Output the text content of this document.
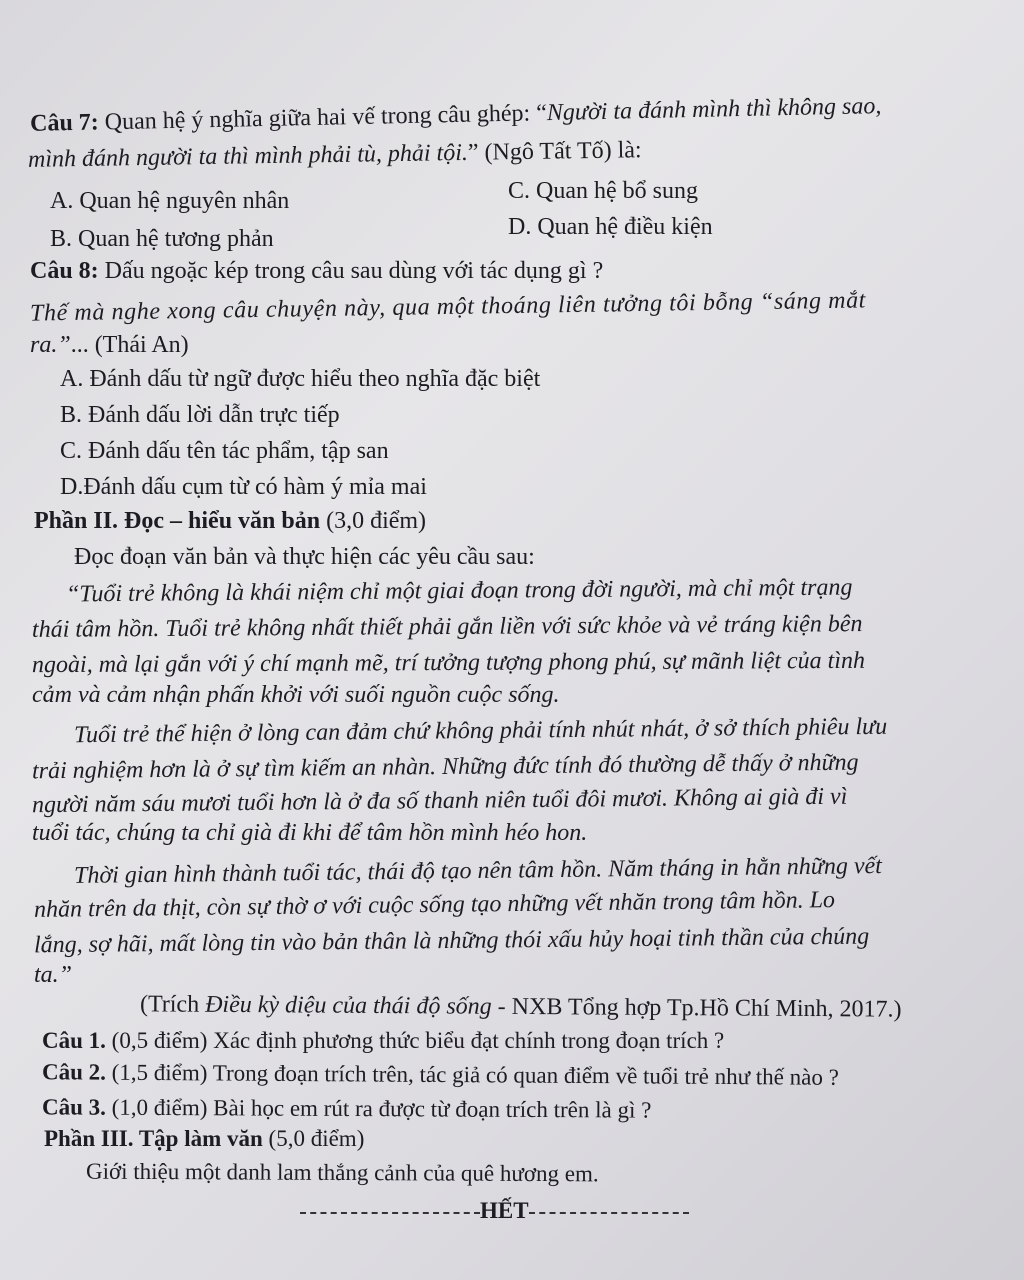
Câu 7: Quan hệ ý nghĩa giữa hai vế trong câu ghép: “Người ta đánh mình thì không sao,
mình đánh người ta thì mình phải tù, phải tội.” (Ngô Tất Tố) là:
A. Quan hệ nguyên nhân	C. Quan hệ bổ sung
B. Quan hệ tương phản	D. Quan hệ điều kiện
Câu 8: Dấu ngoặc kép trong câu sau dùng với tác dụng gì ?
Thế mà nghe xong câu chuyện này, qua một thoáng liên tưởng tôi bỗng “sáng mắt
ra.”... (Thái An)
A. Đánh dấu từ ngữ được hiểu theo nghĩa đặc biệt
B. Đánh dấu lời dẫn trực tiếp
C. Đánh dấu tên tác phẩm, tập san
D.Đánh dấu cụm từ có hàm ý mỉa mai
Phần II. Đọc – hiểu văn bản (3,0 điểm)
Đọc đoạn văn bản và thực hiện các yêu cầu sau:
“Tuổi trẻ không là khái niệm chỉ một giai đoạn trong đời người, mà chỉ một trạng
thái tâm hồn. Tuổi trẻ không nhất thiết phải gắn liền với sức khỏe và vẻ tráng kiện bên
ngoài, mà lại gắn với ý chí mạnh mẽ, trí tưởng tượng phong phú, sự mãnh liệt của tình
cảm và cảm nhận phấn khởi với suối nguồn cuộc sống.
Tuổi trẻ thể hiện ở lòng can đảm chứ không phải tính nhút nhát, ở sở thích phiêu lưu
trải nghiệm hơn là ở sự tìm kiếm an nhàn. Những đức tính đó thường dễ thấy ở những
người năm sáu mươi tuổi hơn là ở đa số thanh niên tuổi đôi mươi. Không ai già đi vì
tuổi tác, chúng ta chỉ già đi khi để tâm hồn mình héo hon.
Thời gian hình thành tuổi tác, thái độ tạo nên tâm hồn. Năm tháng in hằn những vết
nhăn trên da thịt, còn sự thờ ơ với cuộc sống tạo những vết nhăn trong tâm hồn. Lo
lắng, sợ hãi, mất lòng tin vào bản thân là những thói xấu hủy hoại tinh thần của chúng
ta.”
(Trích Điều kỳ diệu của thái độ sống - NXB Tổng hợp Tp.Hồ Chí Minh, 2017.)
Câu 1. (0,5 điểm) Xác định phương thức biểu đạt chính trong đoạn trích ?
Câu 2. (1,5 điểm) Trong đoạn trích trên, tác giả có quan điểm về tuổi trẻ như thế nào ?
Câu 3. (1,0 điểm) Bài học em rút ra được từ đoạn trích trên là gì ?
Phần III. Tập làm văn (5,0 điểm)
Giới thiệu một danh lam thắng cảnh của quê hương em.
HẾT
